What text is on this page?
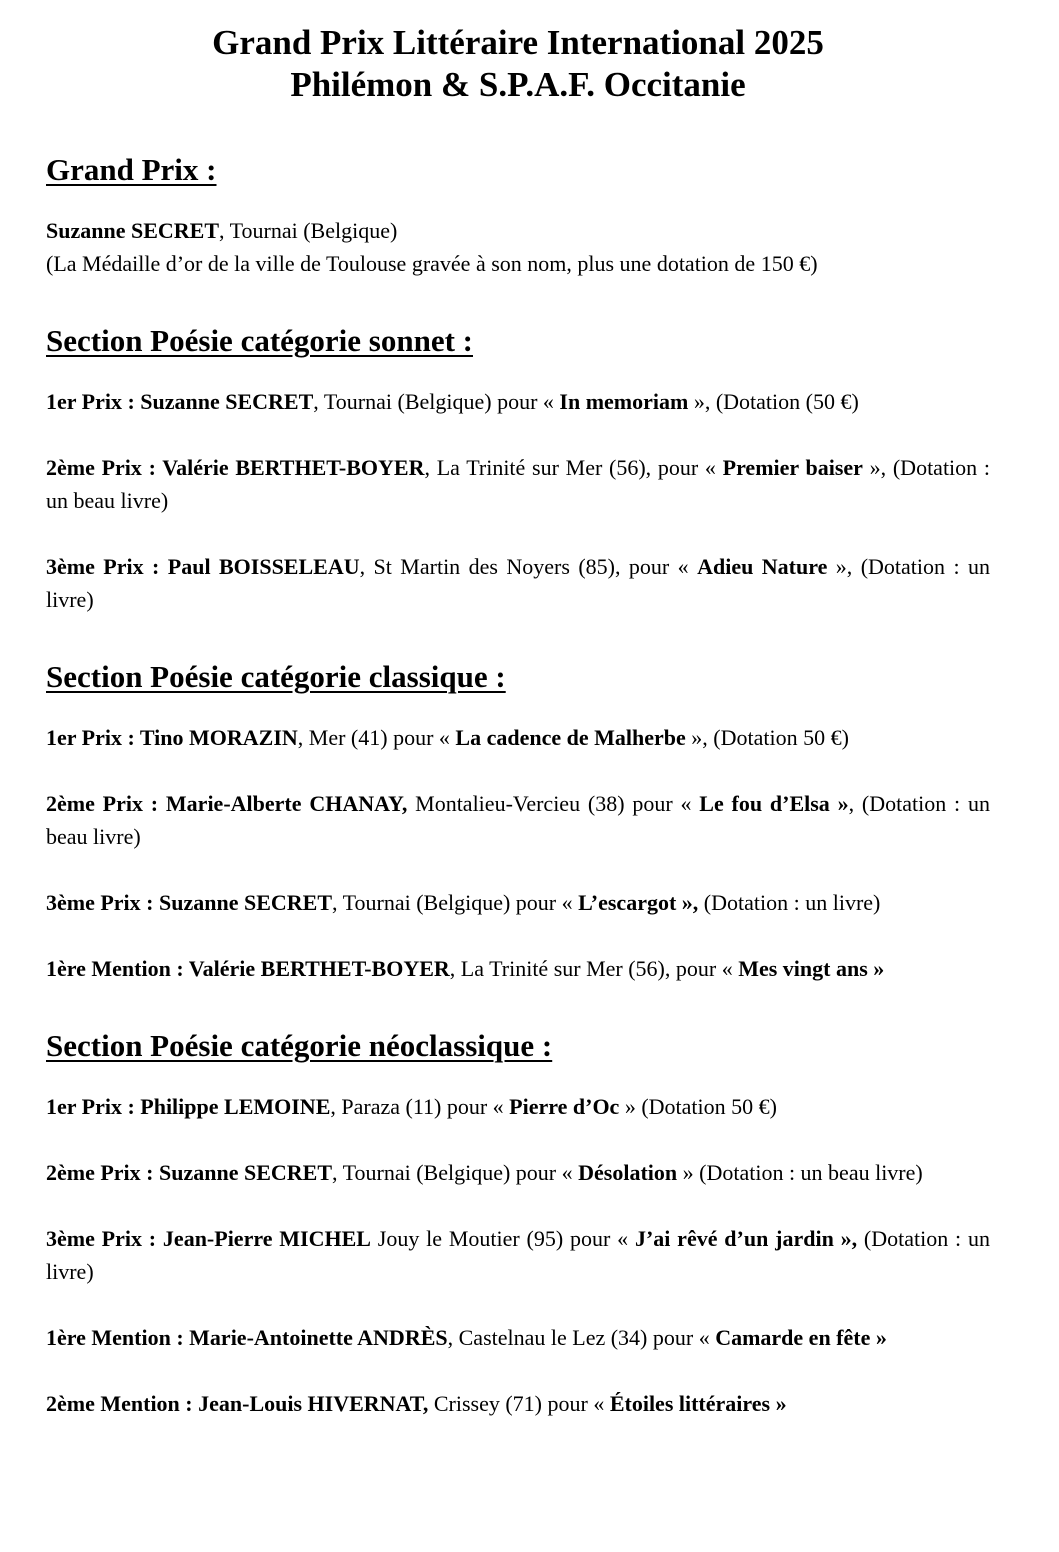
Grand Prix Littéraire International 2025
Philémon & S.P.A.F. Occitanie
Grand Prix :

Suzanne SECRET, Tournai (Belgique)
(La Médaille d’or de la ville de Toulouse gravée à son nom, plus une dotation de 150 €)

Section Poésie catégorie sonnet :

1er Prix : Suzanne SECRET, Tournai (Belgique) pour « In memoriam », (Dotation (50 €)

2ème Prix : Valérie BERTHET-BOYER, La Trinité sur Mer (56), pour « Premier baiser », (Dotation : un beau livre)

3ème Prix : Paul BOISSELEAU, St Martin des Noyers (85), pour « Adieu Nature », (Dotation : un livre)

Section Poésie catégorie classique :

1er Prix : Tino MORAZIN, Mer (41) pour « La cadence de Malherbe », (Dotation 50 €)

2ème Prix : Marie-Alberte CHANAY, Montalieu-Vercieu (38) pour « Le fou d’Elsa », (Dotation : un beau livre)

3ème Prix : Suzanne SECRET, Tournai (Belgique) pour « L’escargot », (Dotation : un livre)

1ère Mention : Valérie BERTHET-BOYER, La Trinité sur Mer (56), pour « Mes vingt ans »

Section Poésie catégorie néoclassique :

1er Prix : Philippe LEMOINE, Paraza (11) pour « Pierre d’Oc » (Dotation 50 €)

2ème Prix : Suzanne SECRET, Tournai (Belgique) pour « Désolation » (Dotation : un beau livre)

3ème Prix : Jean-Pierre MICHEL Jouy le Moutier (95) pour « J’ai rêvé d’un jardin », (Dotation : un livre)

1ère Mention : Marie-Antoinette ANDRÈS, Castelnau le Lez (34) pour « Camarde en fête »

2ème Mention : Jean-Louis HIVERNAT, Crissey (71) pour « Étoiles littéraires »
